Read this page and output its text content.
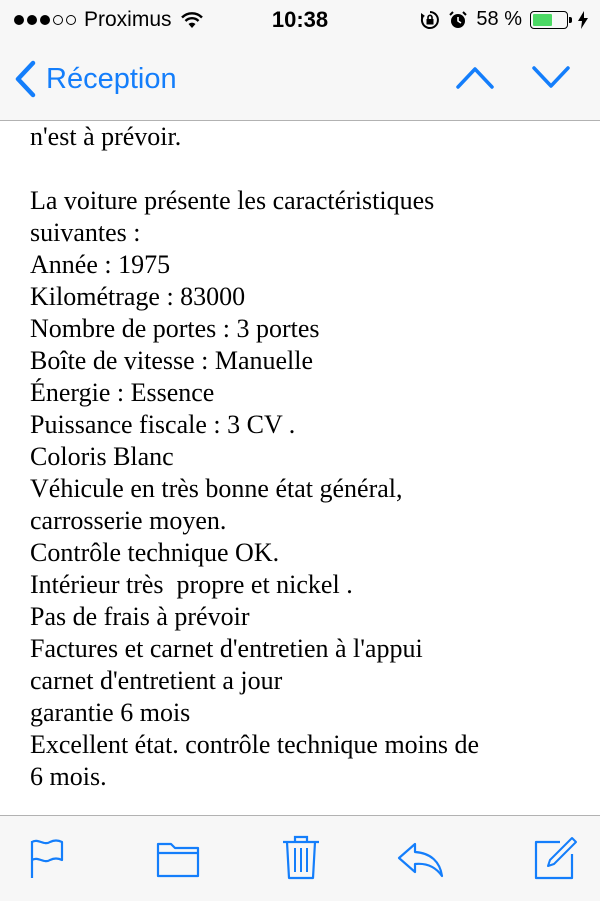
Proximus	10:38	58 %
Réception
n'est à prévoir.
La voiture présente les caractéristiques
suivantes :
Année : 1975
Kilométrage : 83000
Nombre de portes : 3 portes
Boîte de vitesse : Manuelle
Énergie : Essence
Puissance fiscale : 3 CV .
Coloris Blanc
Véhicule en très bonne état général,
carrosserie moyen.
Contrôle technique OK.
Intérieur très  propre et nickel .
Pas de frais à prévoir
Factures et carnet d'entretien à l'appui
carnet d'entretient a jour
garantie 6 mois
Excellent état. contrôle technique moins de
6 mois.
